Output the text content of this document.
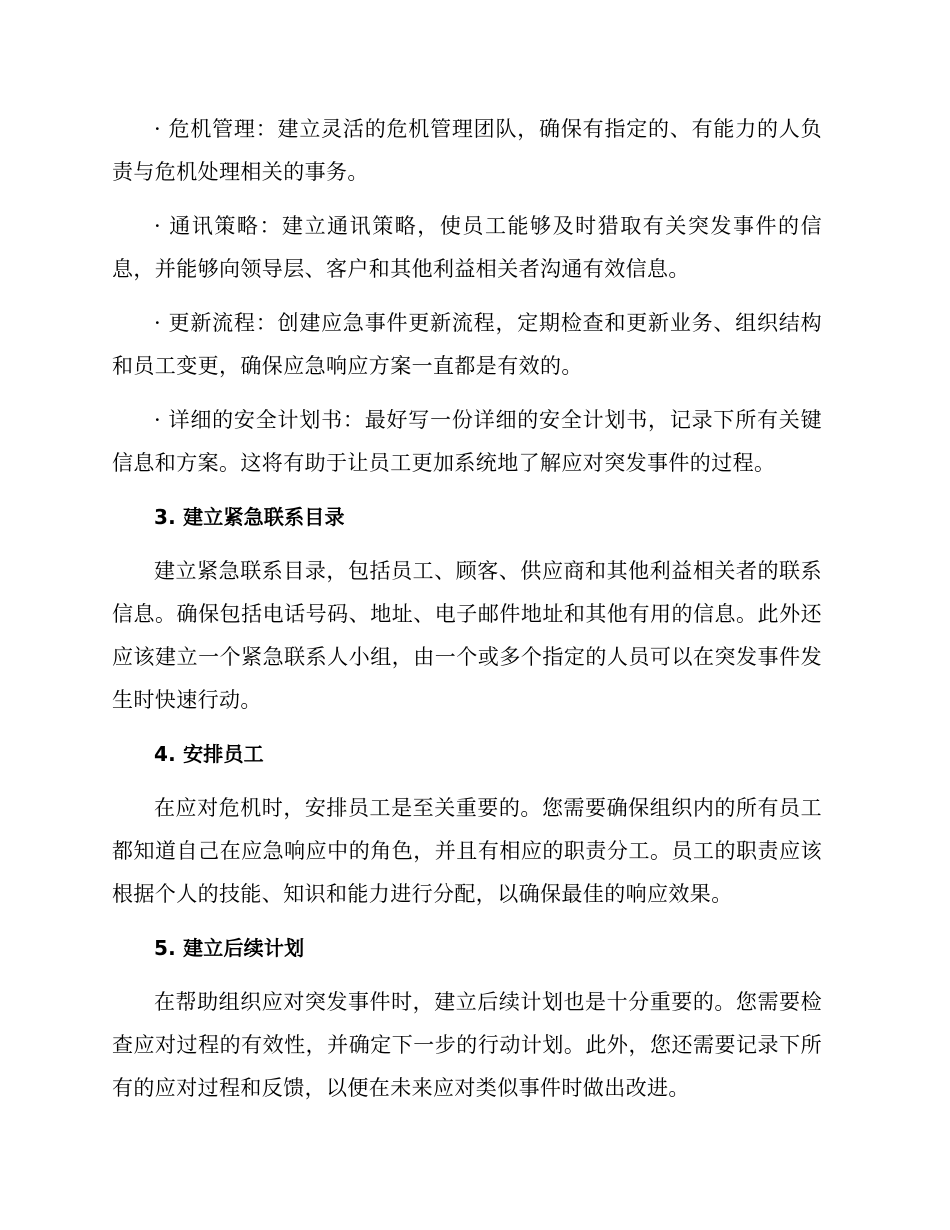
· 危机管理：建立灵活的危机管理团队，确保有指定的、有能力的人负责与危机处理相关的事务。

· 通讯策略：建立通讯策略，使员工能够及时猎取有关突发事件的信息，并能够向领导层、客户和其他利益相关者沟通有效信息。

· 更新流程：创建应急事件更新流程，定期检查和更新业务、组织结构和员工变更，确保应急响应方案一直都是有效的。

· 详细的安全计划书：最好写一份详细的安全计划书，记录下所有关键信息和方案。这将有助于让员工更加系统地了解应对突发事件的过程。

3. 建立紧急联系目录

建立紧急联系目录，包括员工、顾客、供应商和其他利益相关者的联系信息。确保包括电话号码、地址、电子邮件地址和其他有用的信息。此外还应该建立一个紧急联系人小组，由一个或多个指定的人员可以在突发事件发生时快速行动。

4. 安排员工

在应对危机时，安排员工是至关重要的。您需要确保组织内的所有员工都知道自己在应急响应中的角色，并且有相应的职责分工。员工的职责应该根据个人的技能、知识和能力进行分配，以确保最佳的响应效果。

5. 建立后续计划

在帮助组织应对突发事件时，建立后续计划也是十分重要的。您需要检查应对过程的有效性，并确定下一步的行动计划。此外，您还需要记录下所有的应对过程和反馈，以便在未来应对类似事件时做出改进。
